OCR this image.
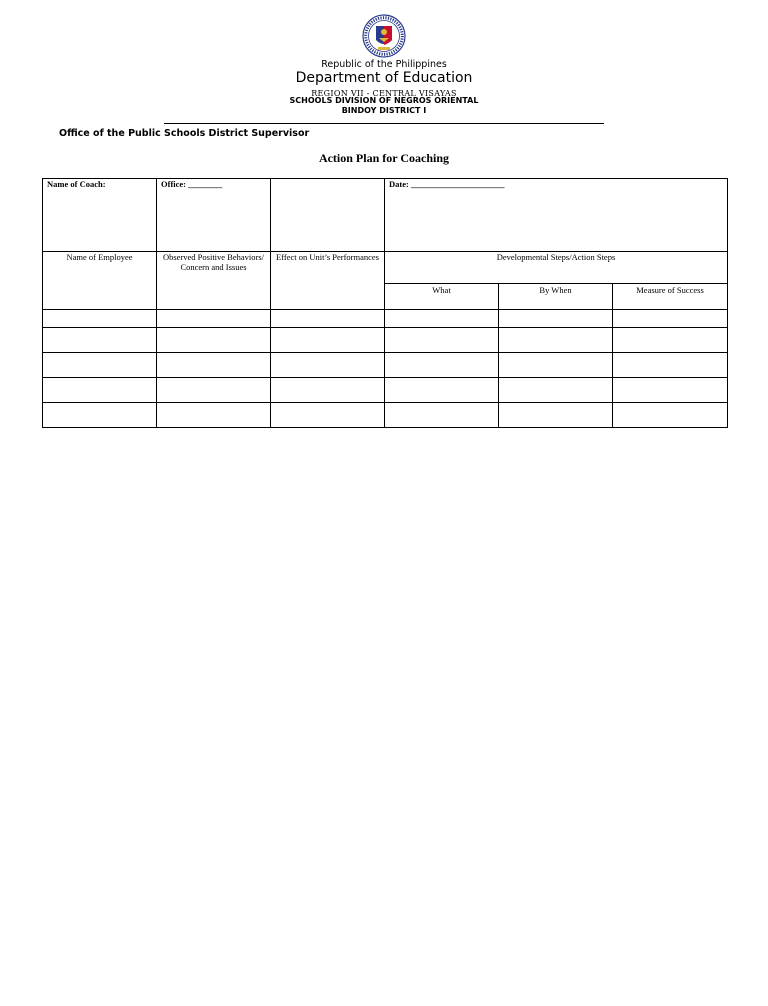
Republic of the Philippines
Department of Education
REGION VII - CENTRAL VISAYAS
SCHOOLS DIVISION OF NEGROS ORIENTAL
BINDOY DISTRICT I
Office of the Public Schools District Supervisor
Action Plan for Coaching
Name of Coach:	Office: ________		Date: ______________________		
Name of Employee	Observed Positive Behaviors/ Concern and Issues	Effect on Unit’s Performances	Developmental Steps/Action Steps		
			What	By When	Measure of Success
